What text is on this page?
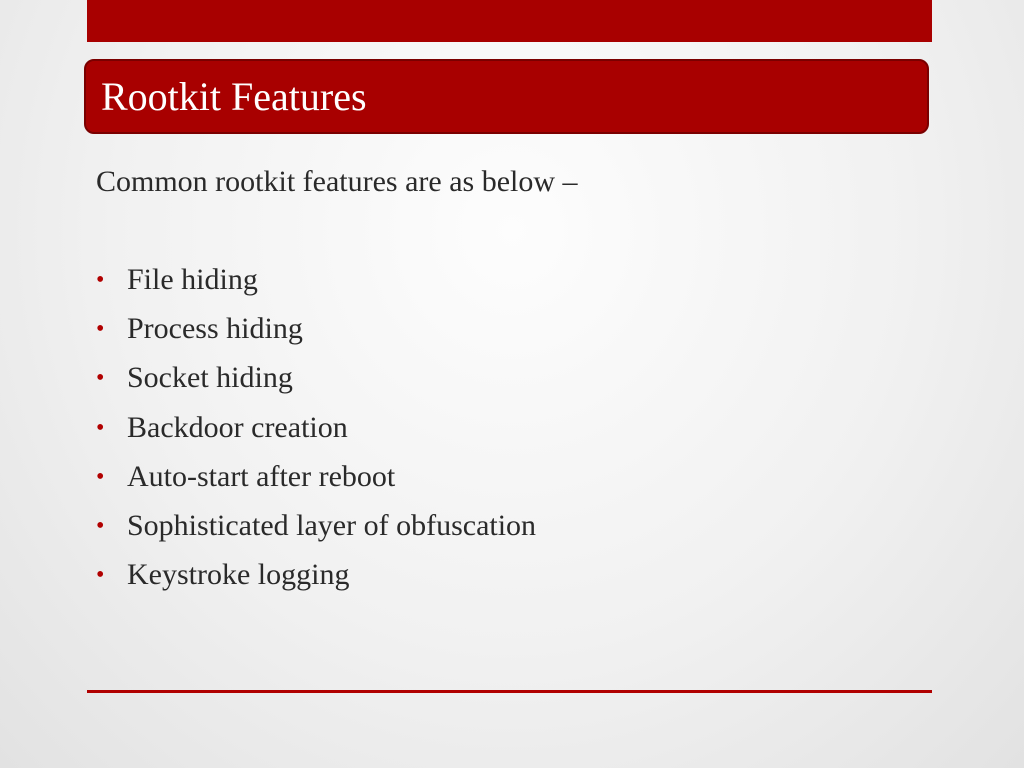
Rootkit Features
Common rootkit features are as below –
• File hiding
• Process hiding
• Socket hiding
• Backdoor creation
• Auto-start after reboot
• Sophisticated layer of obfuscation
• Keystroke logging
